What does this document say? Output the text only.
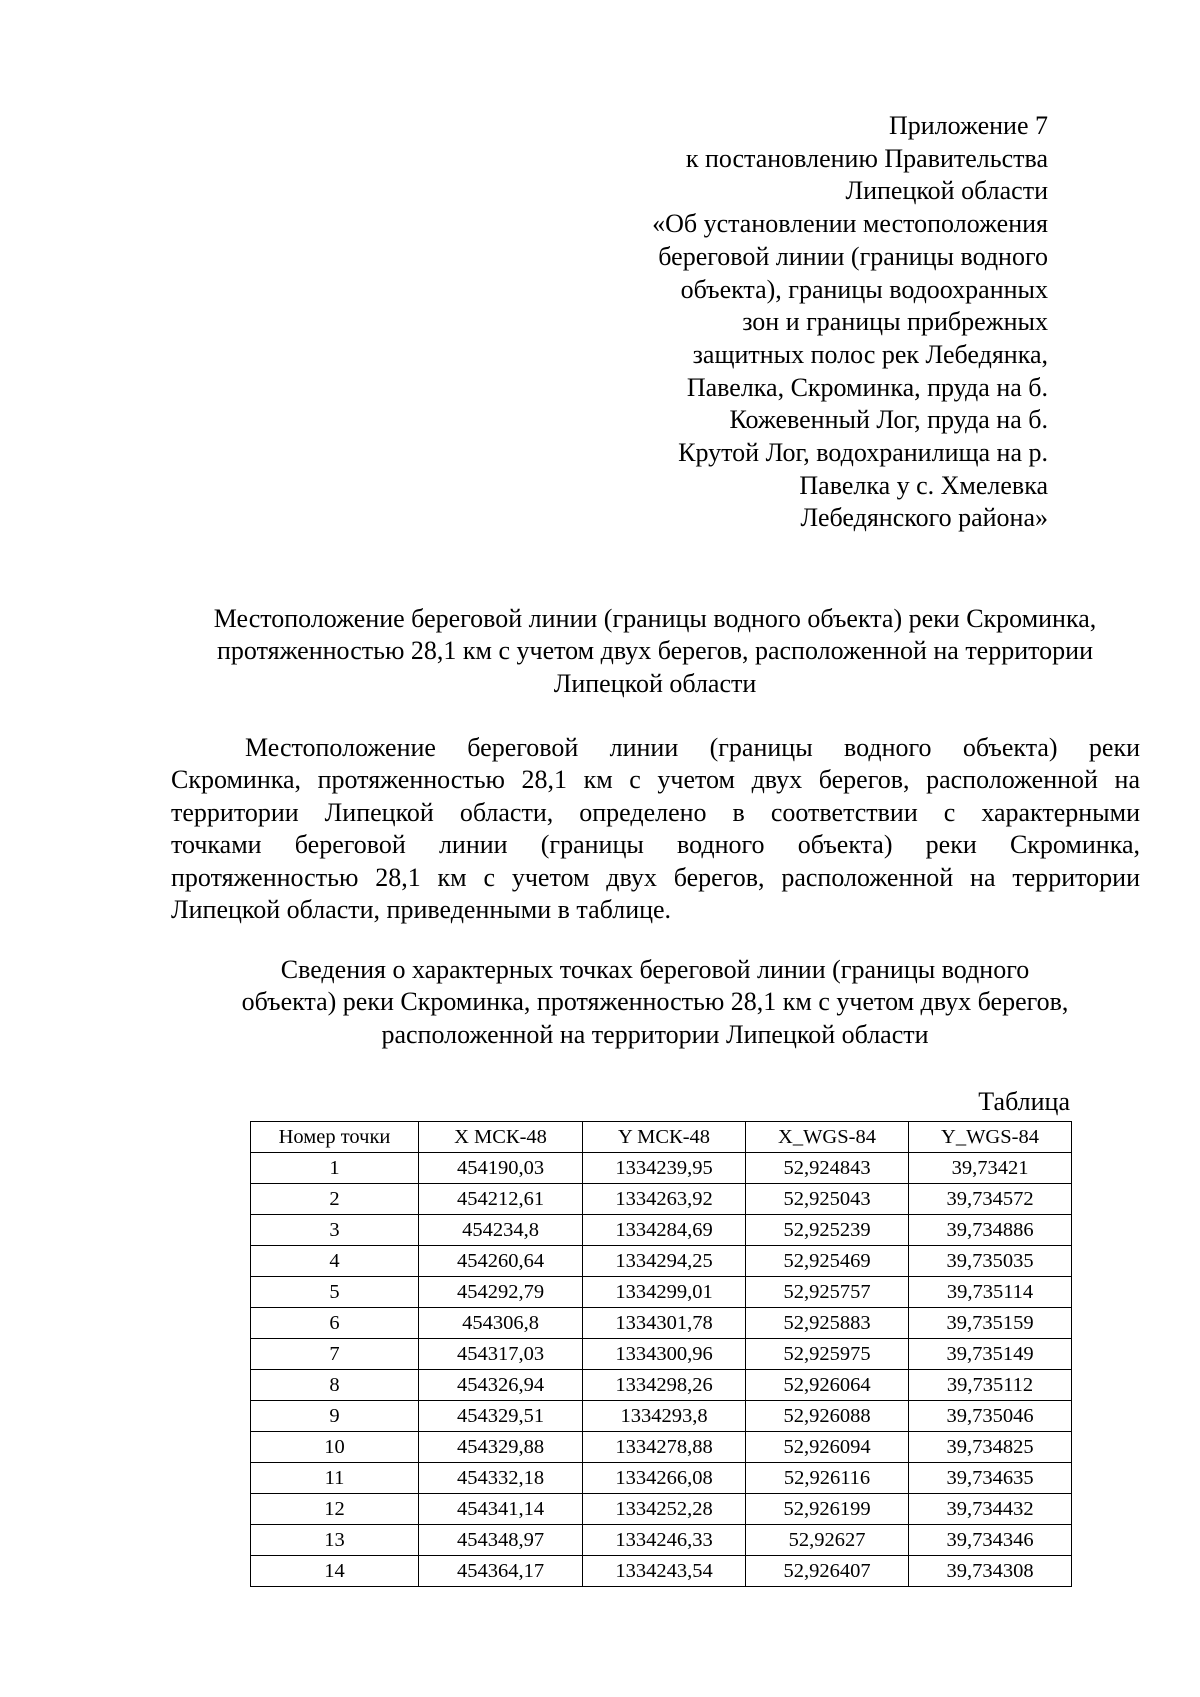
Приложение 7
к постановлению Правительства
Липецкой области
«Об установлении местоположения
береговой линии (границы водного
объекта), границы водоохранных
зон и границы прибрежных
защитных полос рек Лебедянка,
Павелка, Скроминка, пруда на б.
Кожевенный Лог, пруда на б.
Крутой Лог, водохранилища на р.
Павелка у с. Хмелевка
Лебедянского района»
Местоположение береговой линии (границы водного объекта) реки Скроминка,
протяженностью 28,1 км с учетом двух берегов, расположенной на территории
Липецкой области
Местоположение береговой линии (границы водного объекта) реки
Скроминка, протяженностью 28,1 км с учетом двух берегов, расположенной на
территории Липецкой области, определено в соответствии с характерными
точками береговой линии (границы водного объекта) реки Скроминка,
протяженностью 28,1 км с учетом двух берегов, расположенной на территории
Липецкой области, приведенными в таблице.
Сведения о характерных точках береговой линии (границы водного
объекта) реки Скроминка, протяженностью 28,1 км с учетом двух берегов,
расположенной на территории Липецкой области
Таблица
Номер точки	X МСК-48	Y МСК-48	X_WGS-84	Y_WGS-84
1	454190,03	1334239,95	52,924843	39,73421
2	454212,61	1334263,92	52,925043	39,734572
3	454234,8	1334284,69	52,925239	39,734886
4	454260,64	1334294,25	52,925469	39,735035
5	454292,79	1334299,01	52,925757	39,735114
6	454306,8	1334301,78	52,925883	39,735159
7	454317,03	1334300,96	52,925975	39,735149
8	454326,94	1334298,26	52,926064	39,735112
9	454329,51	1334293,8	52,926088	39,735046
10	454329,88	1334278,88	52,926094	39,734825
11	454332,18	1334266,08	52,926116	39,734635
12	454341,14	1334252,28	52,926199	39,734432
13	454348,97	1334246,33	52,92627	39,734346
14	454364,17	1334243,54	52,926407	39,734308
